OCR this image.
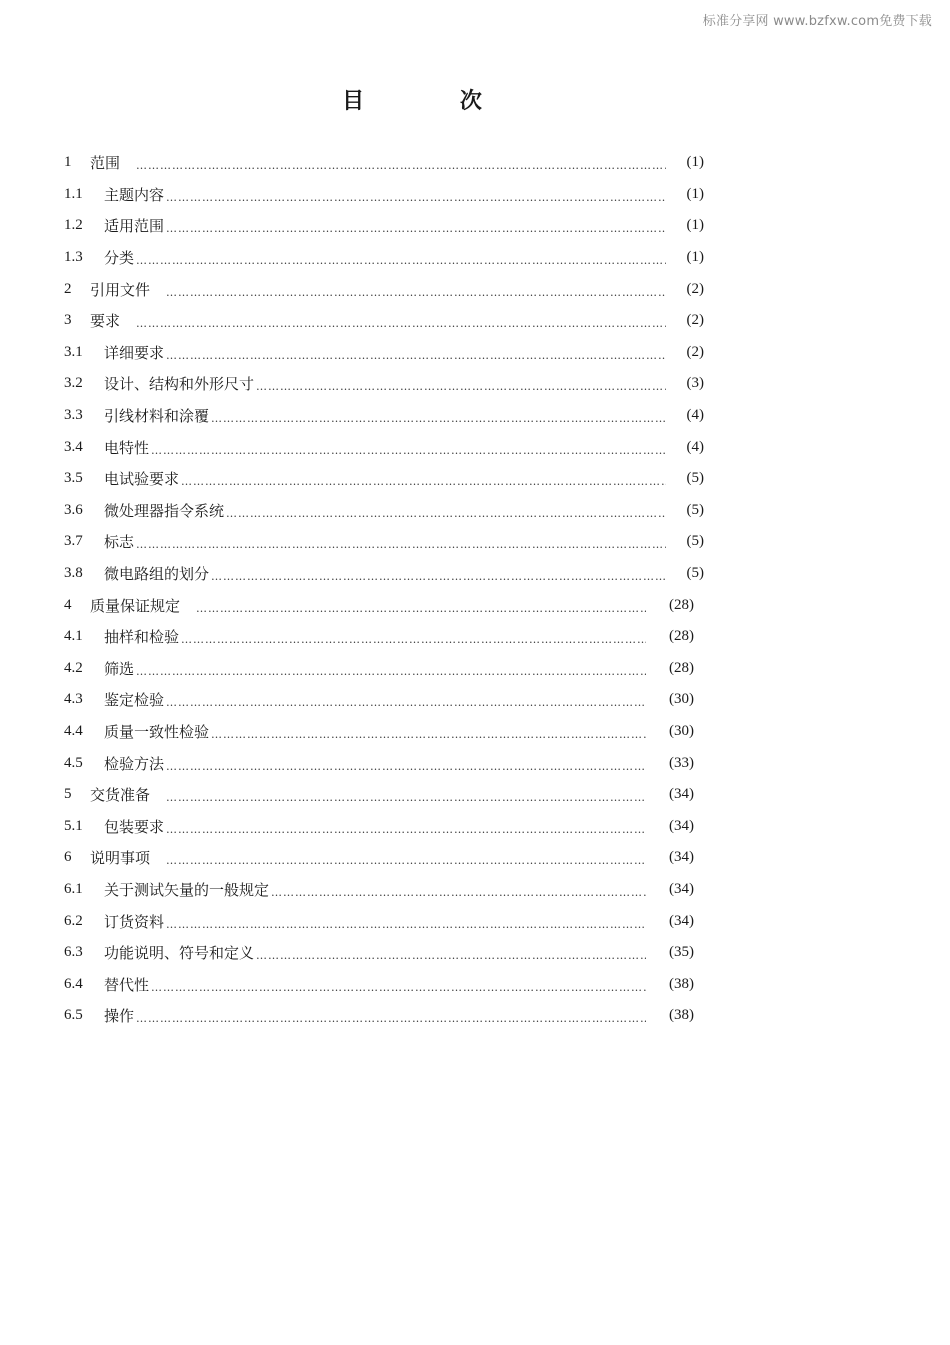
标准分享网 www.bzfxw.com免费下载
目 次
1	范围 ……………………………………………………………………………………………………………………………………………………………………………	(1)
1.1	主题内容 ……………………………………………………………………………………………………………………………………………………………………………	(1)
1.2	适用范围 ……………………………………………………………………………………………………………………………………………………………………………	(1)
1.3	分类 ……………………………………………………………………………………………………………………………………………………………………………	(1)
2	引用文件 ……………………………………………………………………………………………………………………………………………………………………………	(2)
3	要求 ……………………………………………………………………………………………………………………………………………………………………………	(2)
3.1	详细要求 ……………………………………………………………………………………………………………………………………………………………………………	(2)
3.2	设计、结构和外形尺寸 ……………………………………………………………………………………………………………………………………………………………………………	(3)
3.3	引线材料和涂覆 ……………………………………………………………………………………………………………………………………………………………………………	(4)
3.4	电特性 ……………………………………………………………………………………………………………………………………………………………………………	(4)
3.5	电试验要求 ……………………………………………………………………………………………………………………………………………………………………………	(5)
3.6	微处理器指令系统 ……………………………………………………………………………………………………………………………………………………………………………	(5)
3.7	标志 ……………………………………………………………………………………………………………………………………………………………………………	(5)
3.8	微电路组的划分 ……………………………………………………………………………………………………………………………………………………………………………	(5)
4	质量保证规定 ……………………………………………………………………………………………………………………………………………………………………………	(28)
4.1	抽样和检验 ……………………………………………………………………………………………………………………………………………………………………………	(28)
4.2	筛选 ……………………………………………………………………………………………………………………………………………………………………………	(28)
4.3	鉴定检验 ……………………………………………………………………………………………………………………………………………………………………………	(30)
4.4	质量一致性检验 ……………………………………………………………………………………………………………………………………………………………………………	(30)
4.5	检验方法 ……………………………………………………………………………………………………………………………………………………………………………	(33)
5	交货准备 ……………………………………………………………………………………………………………………………………………………………………………	(34)
5.1	包装要求 ……………………………………………………………………………………………………………………………………………………………………………	(34)
6	说明事项 ……………………………………………………………………………………………………………………………………………………………………………	(34)
6.1	关于测试矢量的一般规定 ……………………………………………………………………………………………………………………………………………………………………………	(34)
6.2	订货资料 ……………………………………………………………………………………………………………………………………………………………………………	(34)
6.3	功能说明、符号和定义 ……………………………………………………………………………………………………………………………………………………………………………	(35)
6.4	替代性 ……………………………………………………………………………………………………………………………………………………………………………	(38)
6.5	操作 ……………………………………………………………………………………………………………………………………………………………………………	(38)
